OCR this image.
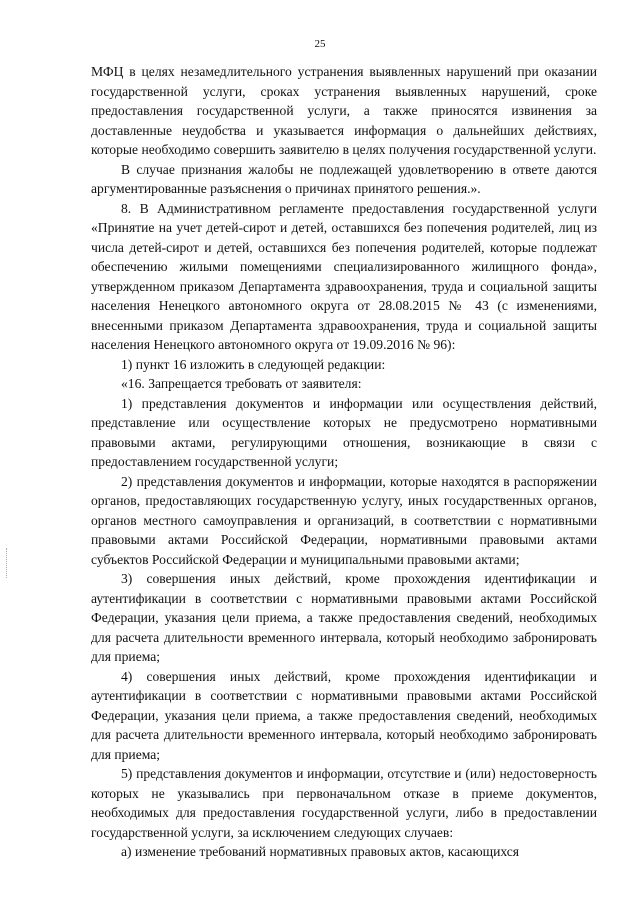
25

МФЦ в целях незамедлительного устранения выявленных нарушений при оказании государственной услуги, сроках устранения выявленных нарушений, сроке предоставления государственной услуги, а также приносятся извинения за доставленные неудобства и указывается информация о дальнейших действиях, которые необходимо совершить заявителю в целях получения государственной услуги.

В случае признания жалобы не подлежащей удовлетворению в ответе даются аргументированные разъяснения о причинах принятого решения.».

8. В Административном регламенте предоставления государственной услуги «Принятие на учет детей-сирот и детей, оставшихся без попечения родителей, лиц из числа детей-сирот и детей, оставшихся без попечения родителей, которые подлежат обеспечению жилыми помещениями специализированного жилищного фонда», утвержденном приказом Департамента здравоохранения, труда и социальной защиты населения Ненецкого автономного округа от 28.08.2015 № 43 (с изменениями, внесенными приказом Департамента здравоохранения, труда и социальной защиты населения Ненецкого автономного округа от 19.09.2016 № 96):

1) пункт 16 изложить в следующей редакции:

«16. Запрещается требовать от заявителя:

1) представления документов и информации или осуществления действий, представление или осуществление которых не предусмотрено нормативными правовыми актами, регулирующими отношения, возникающие в связи с предоставлением государственной услуги;

2) представления документов и информации, которые находятся в распоряжении органов, предоставляющих государственную услугу, иных государственных органов, органов местного самоуправления и организаций, в соответствии с нормативными правовыми актами Российской Федерации, нормативными правовыми актами субъектов Российской Федерации и муниципальными правовыми актами;

3) совершения иных действий, кроме прохождения идентификации и аутентификации в соответствии с нормативными правовыми актами Российской Федерации, указания цели приема, а также предоставления сведений, необходимых для расчета длительности временного интервала, который необходимо забронировать для приема;

4) совершения иных действий, кроме прохождения идентификации и аутентификации в соответствии с нормативными правовыми актами Российской Федерации, указания цели приема, а также предоставления сведений, необходимых для расчета длительности временного интервала, который необходимо забронировать для приема;

5) представления документов и информации, отсутствие и (или) недостоверность которых не указывались при первоначальном отказе в приеме документов, необходимых для предоставления государственной услуги, либо в предоставлении государственной услуги, за исключением следующих случаев:

а) изменение требований нормативных правовых актов, касающихся
